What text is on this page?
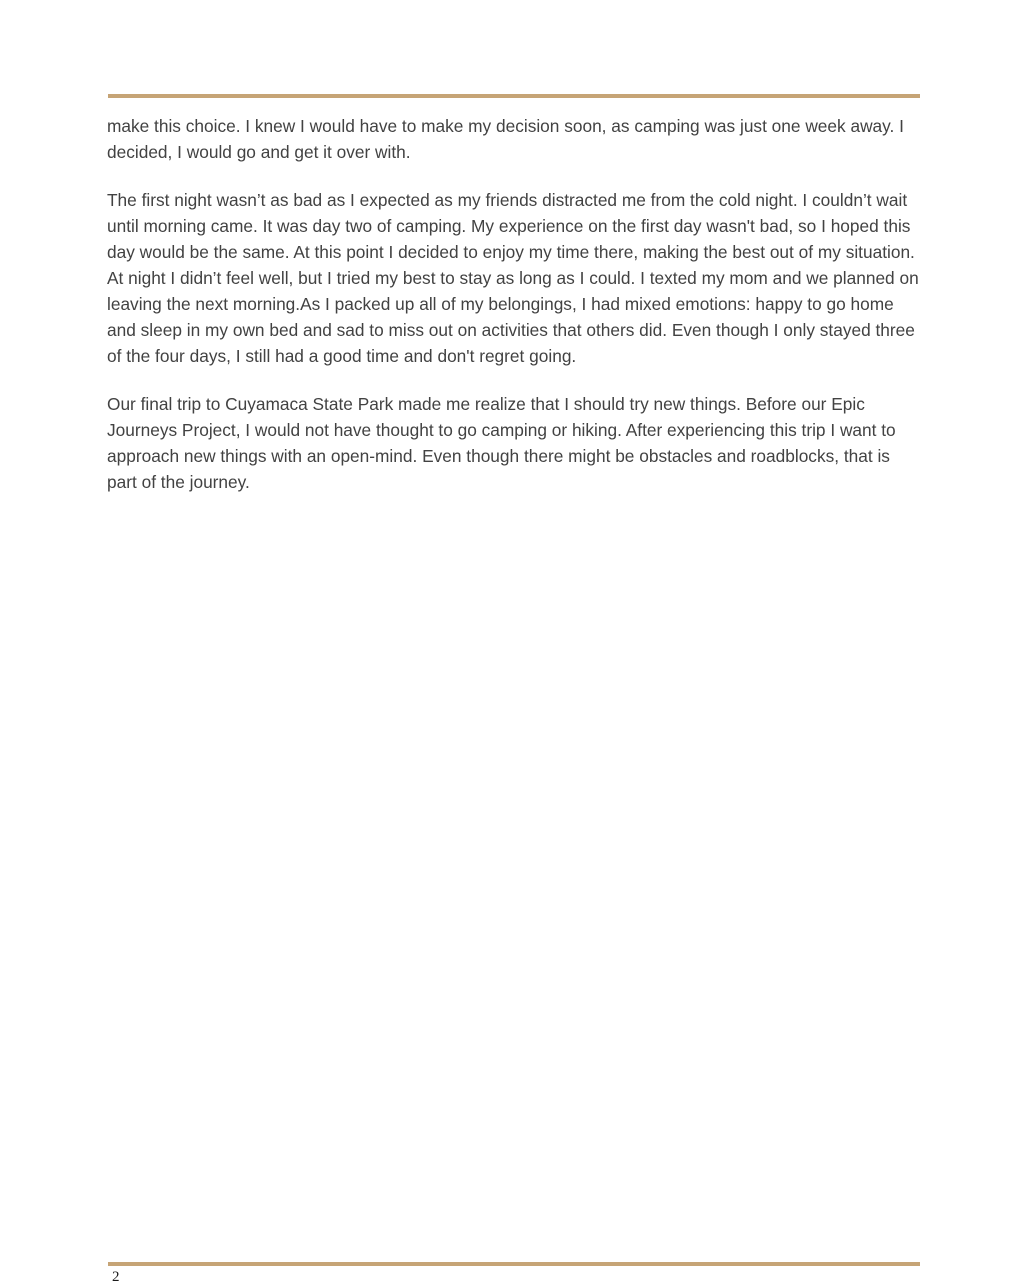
make this choice. I knew I would have to make my decision soon, as camping was just one week away. I decided, I would go and get it over with.

The first night wasn’t as bad as I expected as my friends distracted me from the cold night. I couldn’t wait until morning came. It was day two of camping. My experience on the first day wasn't bad, so I hoped this day would be the same. At this point I decided to enjoy my time there, making the best out of my situation. At night I didn’t feel well, but I tried my best to stay as long as I could. I texted my mom and we planned on leaving the next morning.As I packed up all of my belongings, I had mixed emotions: happy to go home and sleep in my own bed and sad to miss out on activities that others did. Even though I only stayed three of the four days, I still had a good time and don't regret going.

Our final trip to Cuyamaca State Park made me realize that I should try new things. Before our Epic Journeys Project, I would not have thought to go camping or hiking. After experiencing this trip I want to approach new things with an open-mind. Even though there might be obstacles and roadblocks, that is part of the journey.

2
